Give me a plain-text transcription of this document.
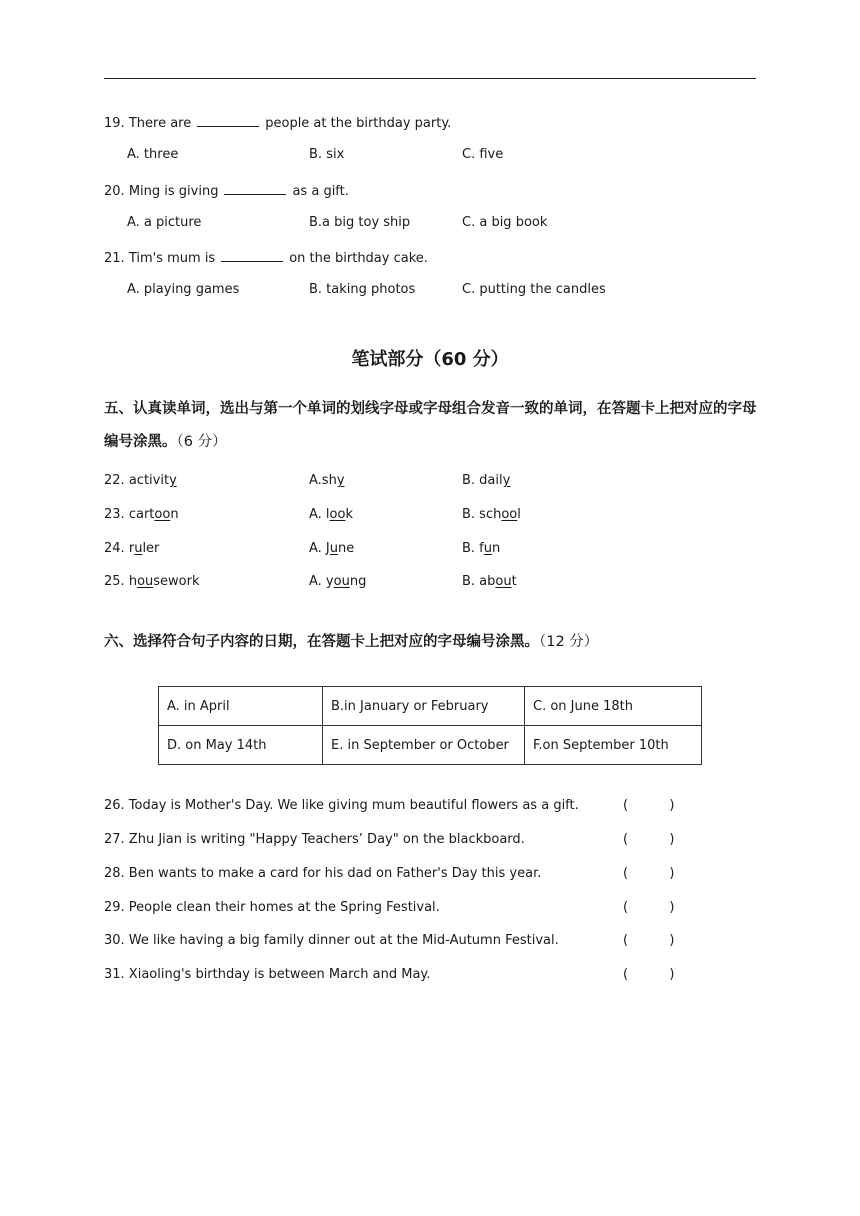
19. There are	people at the birthday party.
A. three	B. six	C. five
20. Ming is giving	as a gift.
A. a picture	B.a big toy ship	C. a big book
21. Tim's mum is	on the birthday cake.
A. playing games	B. taking photos	C. putting the candles
笔试部分（60 分）
五、认真读单词，选出与第一个单词的划线字母或字母组合发音一致的单词，在答题卡上把对应的字母编号涂黑。（6 分）
22. activity	A.shy	B. daily
23. cartoon	A. look	B. school
24. ruler	A. June	B. fun
25. housework	A. young	B. about
六、选择符合句子内容的日期，在答题卡上把对应的字母编号涂黑。（12 分）
A. in April	B.in January or February	C. on June 18th
D. on May 14th	E. in September or October	F.on September 10th
26. Today is Mother's Day. We like giving mum beautiful flowers as a gift.	(          )
27. Zhu Jian is writing "Happy Teachers’ Day" on the blackboard.	(          )
28. Ben wants to make a card for his dad on Father's Day this year.	(          )
29. People clean their homes at the Spring Festival.	(          )
30. We like having a big family dinner out at the Mid-Autumn Festival.	(          )
31. Xiaoling's birthday is between March and May.	(          )
